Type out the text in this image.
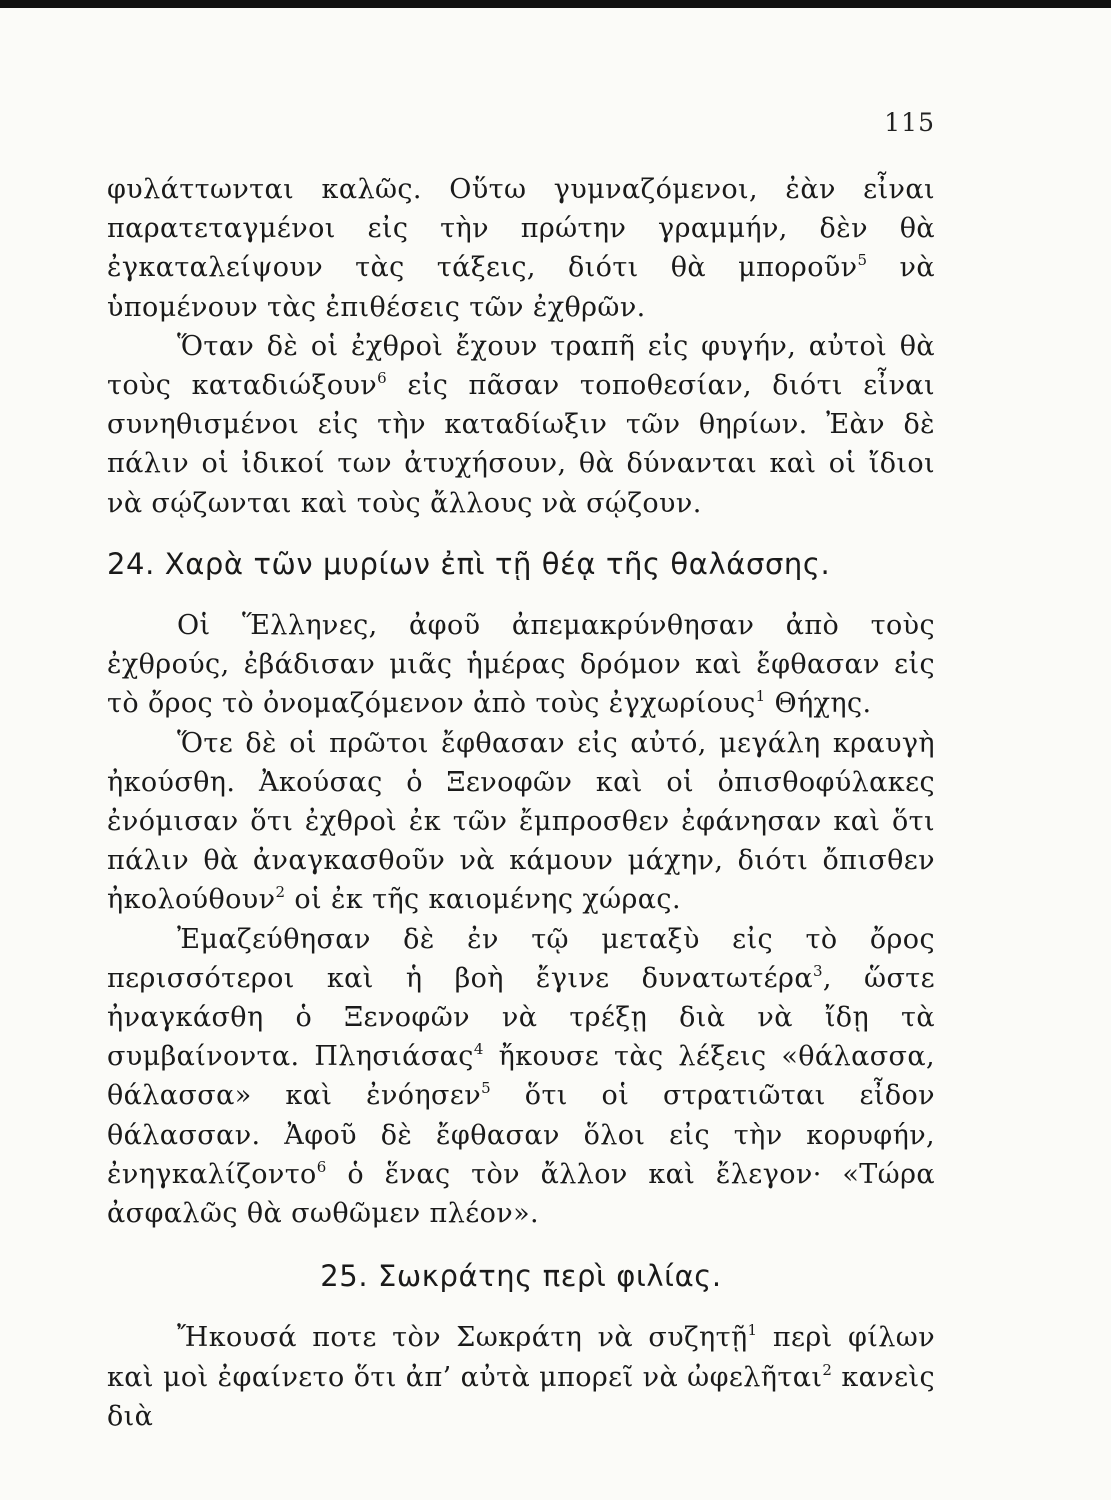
115

φυλάττωνται καλῶς. Οὕτω γυμναζόμενοι, ἐὰν εἶναι παρατεταγμένοι εἰς τὴν πρώτην γραμμήν, δὲν θὰ ἐγκαταλείψουν τὰς τάξεις, διότι θὰ μποροῦν$^5$ νὰ ὑπομένουν τὰς ἐπιθέσεις τῶν ἐχθρῶν.

Ὅταν δὲ οἱ ἐχθροὶ ἔχουν τραπῆ εἰς φυγήν, αὐτοὶ θὰ τοὺς καταδιώξουν$^6$ εἰς πᾶσαν τοποθεσίαν, διότι εἶναι συνηθισμένοι εἰς τὴν καταδίωξιν τῶν θηρίων. Ἐὰν δὲ πάλιν οἱ ἰδικοί των ἀτυχήσουν, θὰ δύνανται καὶ οἱ ἴδιοι νὰ σῴζωνται καὶ τοὺς ἄλλους νὰ σῴζουν.

24. Χαρὰ τῶν μυρίων ἐπὶ τῇ θέᾳ τῆς θαλάσσης.

Οἱ Ἕλληνες, ἀφοῦ ἀπεμακρύνθησαν ἀπὸ τοὺς ἐχθρούς, ἐβάδισαν μιᾶς ἡμέρας δρόμον καὶ ἔφθασαν εἰς τὸ ὄρος τὸ ὀνομαζόμενον ἀπὸ τοὺς ἐγχωρίους$^1$ Θήχης.

Ὅτε δὲ οἱ πρῶτοι ἔφθασαν εἰς αὐτό, μεγάλη κραυγὴ ἠκούσθη. Ἀκούσας ὁ Ξενοφῶν καὶ οἱ ὀπισθοφύλακες ἐνόμισαν ὅτι ἐχθροὶ ἐκ τῶν ἔμπροσθεν ἐφάνησαν καὶ ὅτι πάλιν θὰ ἀναγκασθοῦν νὰ κάμουν μάχην, διότι ὄπισθεν ἠκολούθουν$^2$ οἱ ἐκ τῆς καιομένης χώρας.

Ἐμαζεύθησαν δὲ ἐν τῷ μεταξὺ εἰς τὸ ὄρος περισσότεροι καὶ ἡ βοὴ ἔγινε δυνατωτέρα$^3$, ὥστε ἠναγκάσθη ὁ Ξενοφῶν νὰ τρέξῃ διὰ νὰ ἴδῃ τὰ συμβαίνοντα. Πλησιάσας$^4$ ἤκουσε τὰς λέξεις «θάλασσα, θάλασσα» καὶ ἐνόησεν$^5$ ὅτι οἱ στρατιῶται εἶδον θάλασσαν. Ἀφοῦ δὲ ἔφθασαν ὅλοι εἰς τὴν κορυφήν, ἐνηγκαλίζοντο$^6$ ὁ ἕνας τὸν ἄλλον καὶ ἔλεγον· «Τώρα ἀσφαλῶς θὰ σωθῶμεν πλέον».

25. Σωκράτης περὶ φιλίας.

Ἤκουσά ποτε τὸν Σωκράτη νὰ συζητῇ$^1$ περὶ φίλων καὶ μοὶ ἐφαίνετο ὅτι ἀπ’ αὐτὰ μπορεῖ νὰ ὠφελῆται$^2$ κανεὶς διὰ
